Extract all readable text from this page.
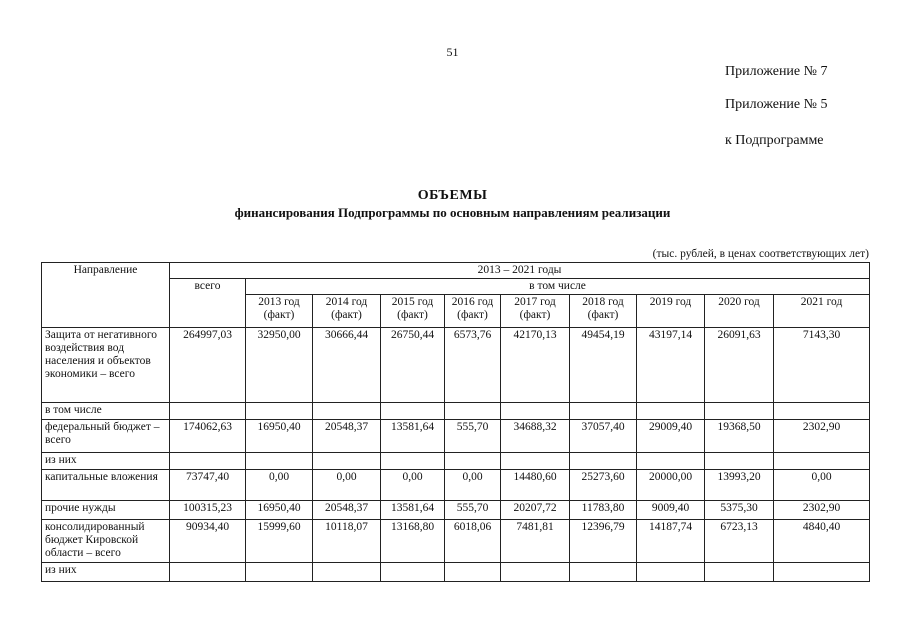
51
Приложение № 7
Приложение № 5
к Подпрограмме
ОБЪЕМЫ
финансирования Подпрограммы по основным направлениям реализации
(тыс. рублей, в ценах соответствующих лет)
Направление	2013 – 2021 годы									
	всего	в том числе								
		2013 год (факт)	2014 год (факт)	2015 год (факт)	2016 год (факт)	2017 год (факт)	2018 год (факт)	2019 год	2020 год	2021 год
Защита от негативного воздействия вод населения и объектов экономики – всего	264997,03	32950,00	30666,44	26750,44	6573,76	42170,13	49454,19	43197,14	26091,63	7143,30
в том числе										
федеральный бюджет – всего	174062,63	16950,40	20548,37	13581,64	555,70	34688,32	37057,40	29009,40	19368,50	2302,90
из них										
капитальные вложения	73747,40	0,00	0,00	0,00	0,00	14480,60	25273,60	20000,00	13993,20	0,00
прочие нужды	100315,23	16950,40	20548,37	13581,64	555,70	20207,72	11783,80	9009,40	5375,30	2302,90
консолидированный бюджет Кировской области – всего	90934,40	15999,60	10118,07	13168,80	6018,06	7481,81	12396,79	14187,74	6723,13	4840,40
из них										
